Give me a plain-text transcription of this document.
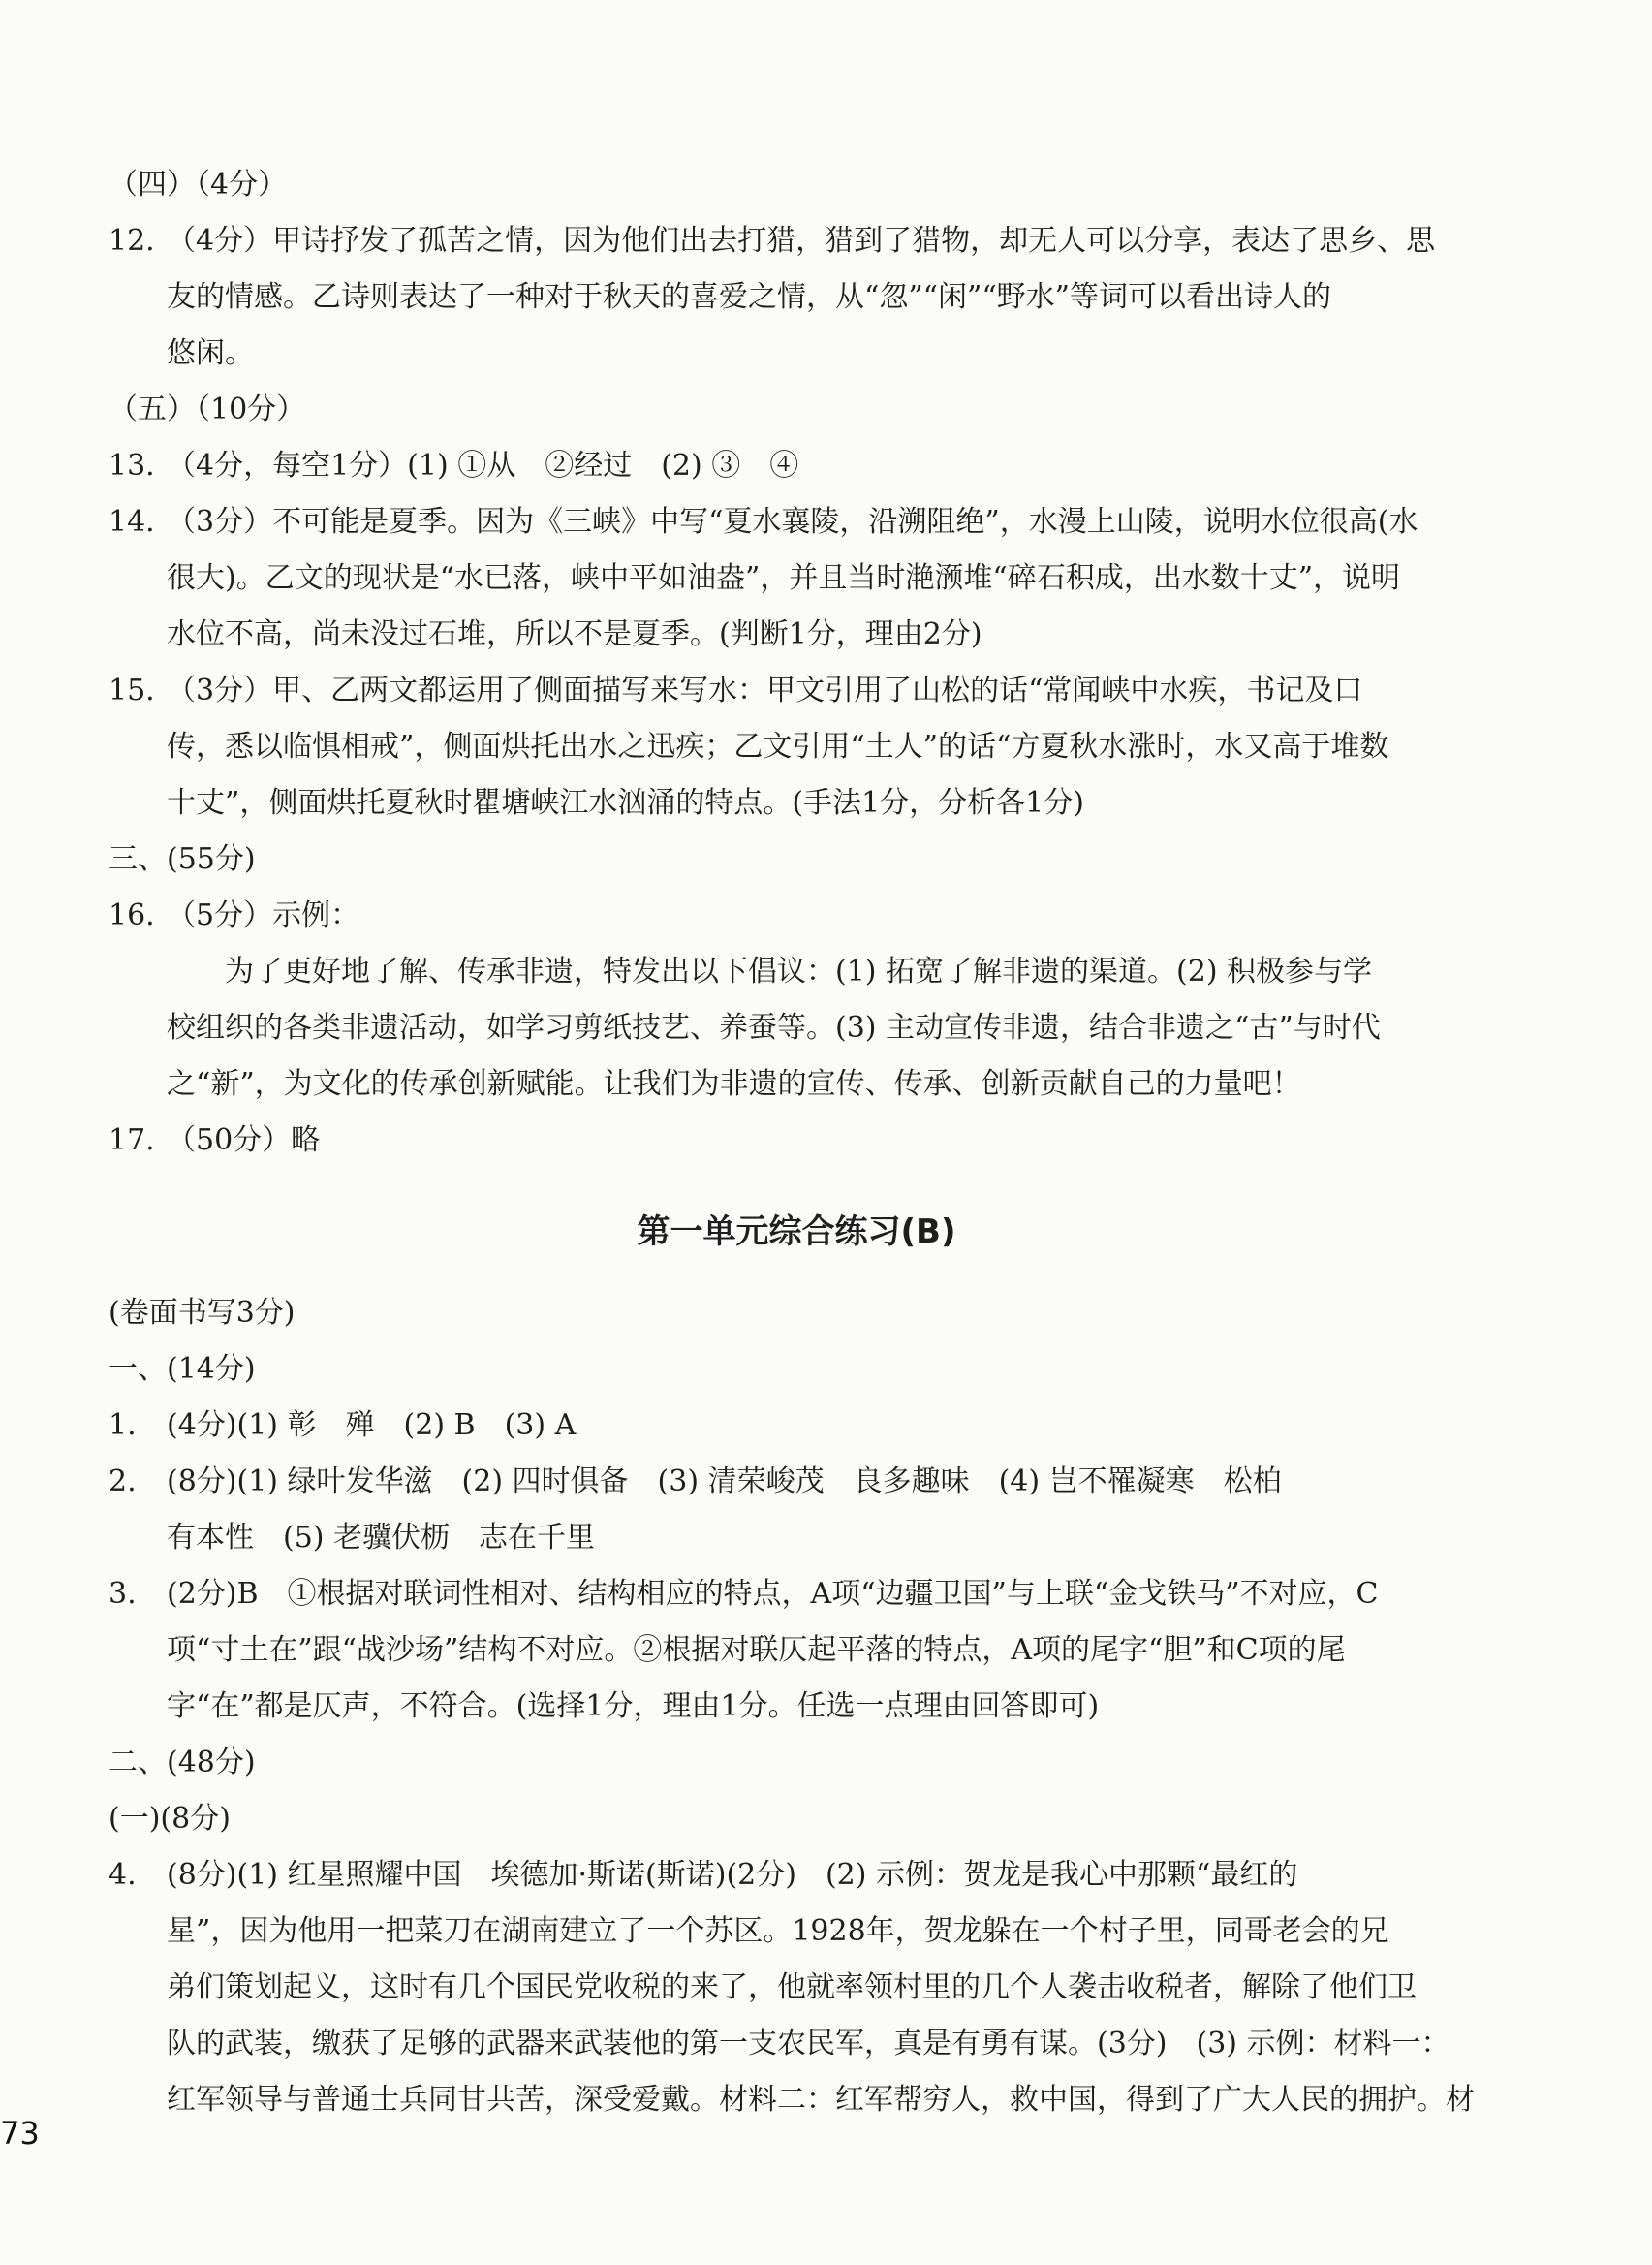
（四）（4分）
12. （4分）甲诗抒发了孤苦之情，因为他们出去打猎，猎到了猎物，却无人可以分享，表达了思乡、思
友的情感。乙诗则表达了一种对于秋天的喜爱之情，从“忽”“闲”“野水”等词可以看出诗人的
悠闲。
（五）（10分）
13. （4分，每空1分）(1) ①从　②经过　(2) ③　④
14. （3分）不可能是夏季。因为《三峡》中写“夏水襄陵，沿溯阻绝”，水漫上山陵，说明水位很高(水
很大)。乙文的现状是“水已落，峡中平如油盎”，并且当时滟滪堆“碎石积成，出水数十丈”，说明
水位不高，尚未没过石堆，所以不是夏季。(判断1分，理由2分)
15. （3分）甲、乙两文都运用了侧面描写来写水：甲文引用了山松的话“常闻峡中水疾，书记及口
传，悉以临惧相戒”，侧面烘托出水之迅疾；乙文引用“土人”的话“方夏秋水涨时，水又高于堆数
十丈”，侧面烘托夏秋时瞿塘峡江水汹涌的特点。(手法1分，分析各1分)
三、(55分)
16. （5分）示例：
为了更好地了解、传承非遗，特发出以下倡议：(1) 拓宽了解非遗的渠道。(2) 积极参与学
校组织的各类非遗活动，如学习剪纸技艺、养蚕等。(3) 主动宣传非遗，结合非遗之“古”与时代
之“新”，为文化的传承创新赋能。让我们为非遗的宣传、传承、创新贡献自己的力量吧！
17. （50分）略
第一单元综合练习(B)
(卷面书写3分)
一、(14分)
1.	(4分)(1) 彰　殚　(2) B　(3) A
2.	(8分)(1) 绿叶发华滋　(2) 四时俱备　(3) 清荣峻茂　良多趣味　(4) 岂不罹凝寒　松柏
有本性　(5) 老骥伏枥　志在千里
3.	(2分)B　①根据对联词性相对、结构相应的特点，A项“边疆卫国”与上联“金戈铁马”不对应，C
项“寸土在”跟“战沙场”结构不对应。②根据对联仄起平落的特点，A项的尾字“胆”和C项的尾
字“在”都是仄声，不符合。(选择1分，理由1分。任选一点理由回答即可)
二、(48分)
(一)(8分)
4.	(8分)(1) 红星照耀中国　埃德加·斯诺(斯诺)(2分)　(2) 示例：贺龙是我心中那颗“最红的
星”，因为他用一把菜刀在湖南建立了一个苏区。1928年，贺龙躲在一个村子里，同哥老会的兄
弟们策划起义，这时有几个国民党收税的来了，他就率领村里的几个人袭击收税者，解除了他们卫
队的武装，缴获了足够的武器来武装他的第一支农民军，真是有勇有谋。(3分)　(3) 示例：材料一：
红军领导与普通士兵同甘共苦，深受爱戴。材料二：红军帮穷人，救中国，得到了广大人民的拥护。材
73
